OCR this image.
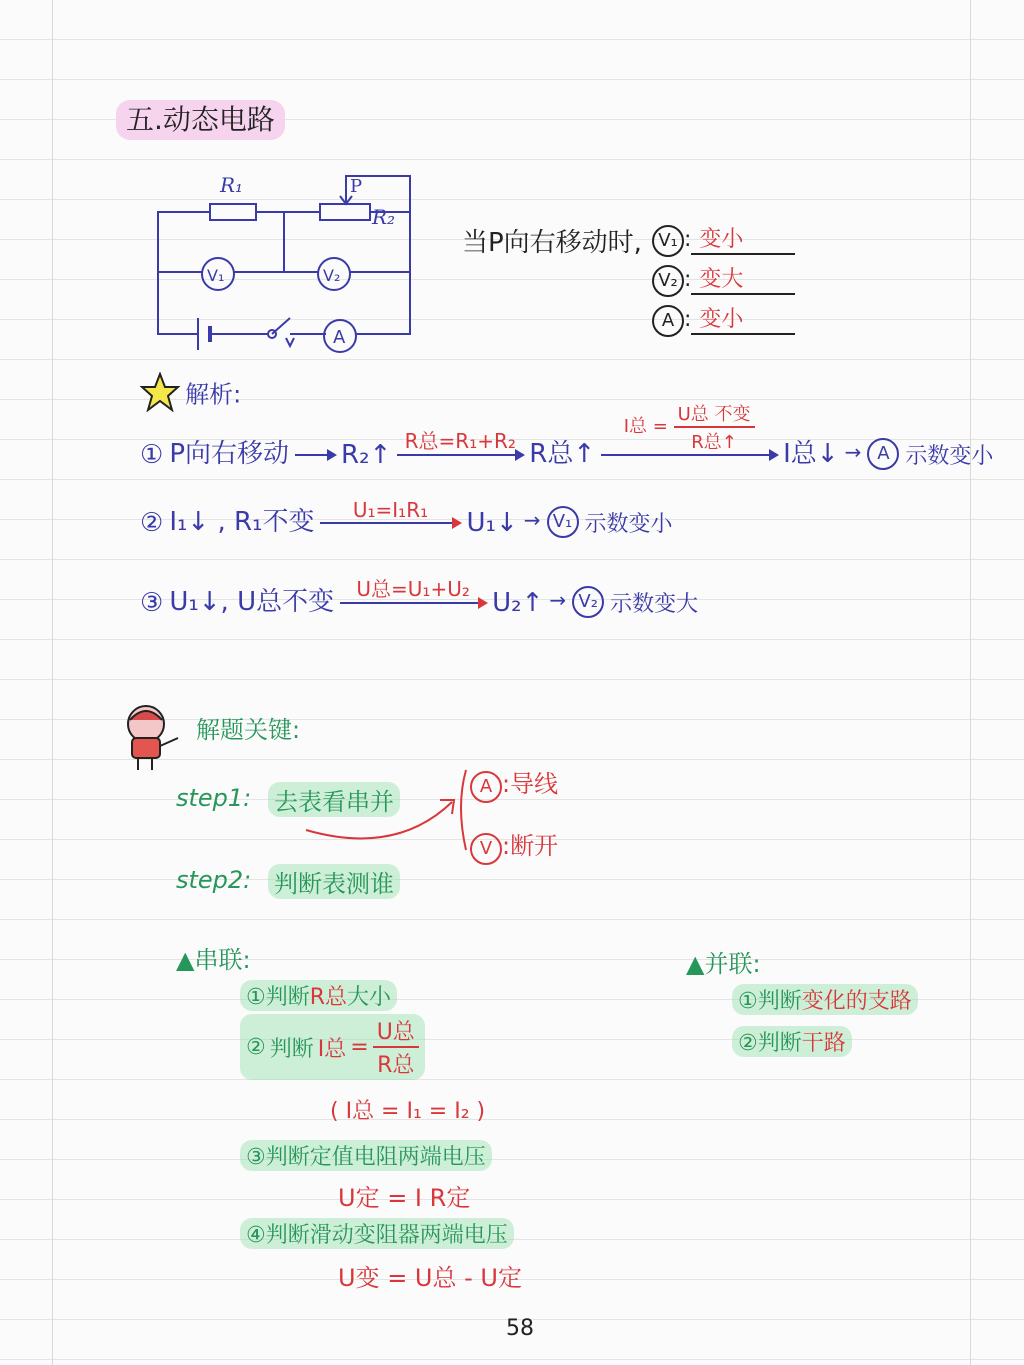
五.动态电路
R₁	P
R₂
V₁	V₂
A
当P向右移动时, V₁ : 变小
V₂ : 变大
A : 变小
解析:
① P向右移动
R₂↑ R总=R₁+R₂ R总↑
I总 = $\frac{\text{U总 不变}}{\text{R总↑}}$ I总↓ → A 示数变小
② I₁↓ , R₁不变	U₁=I₁R₁	U₁↓ → V₁ 示数变小
③ U₁↓, U总不变	U总=U₁+U₂ U₂↑ → V₂ 示数变大
解题关键:
step1: 去表看串并
A :导线
V :断开
step2: 判断表测谁
▲串联:
①判断R总大小
② 判断 I总 = $\frac{\text{U总}}{\text{R总}}$
( I总 = I₁ = I₂ )
③判断定值电阻两端电压
U定 = I R定
④判断滑动变阻器两端电压
U变 = U总 - U定
▲并联:
①判断变化的支路
②判断干路
58
